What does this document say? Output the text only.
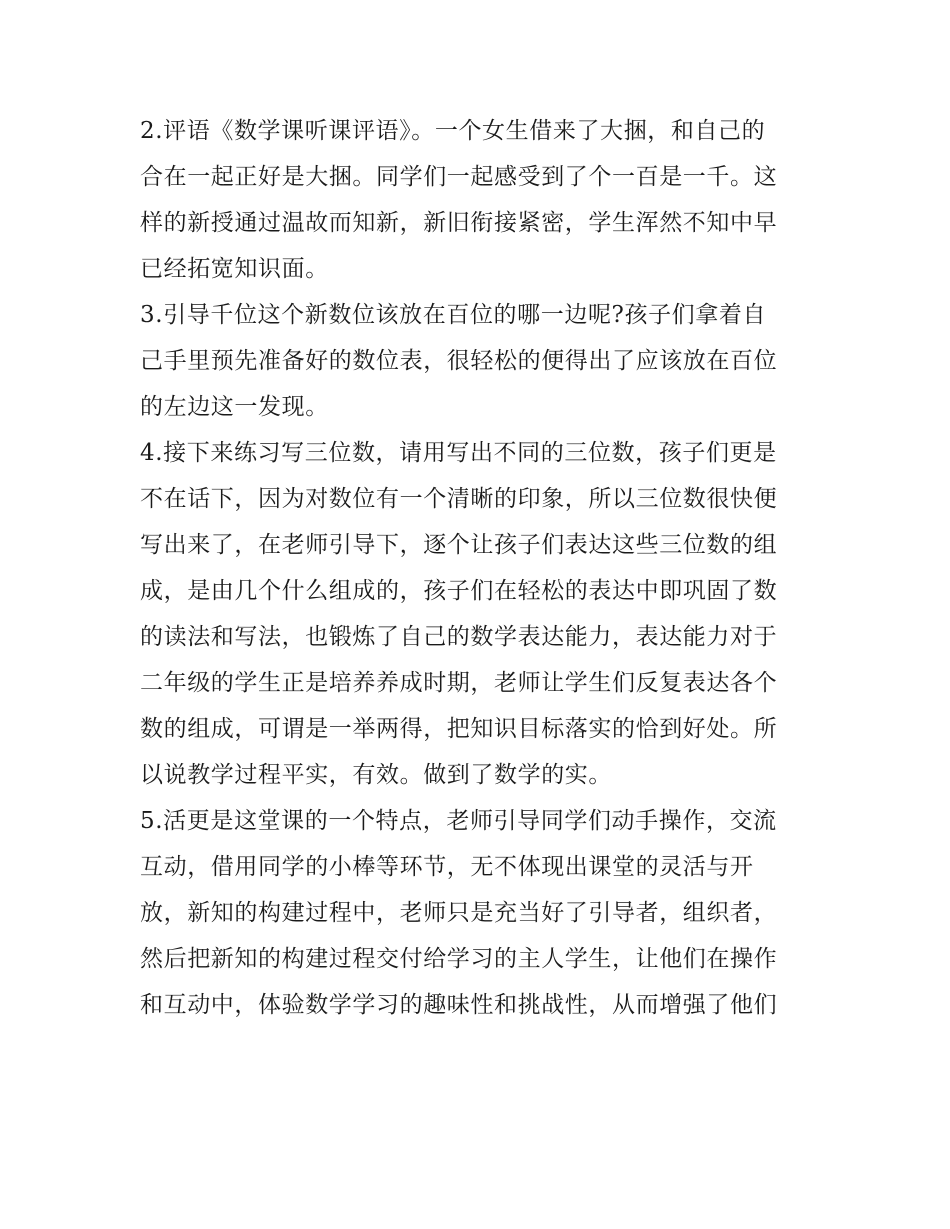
2.评语《数学课听课评语》。一个女生借来了大捆，和自己的
合在一起正好是大捆。同学们一起感受到了个一百是一千。这
样的新授通过温故而知新，新旧衔接紧密，学生浑然不知中早
已经拓宽知识面。
3.引导千位这个新数位该放在百位的哪一边呢?孩子们拿着自
己手里预先准备好的数位表，很轻松的便得出了应该放在百位
的左边这一发现。
4.接下来练习写三位数，请用写出不同的三位数，孩子们更是
不在话下，因为对数位有一个清晰的印象，所以三位数很快便
写出来了，在老师引导下，逐个让孩子们表达这些三位数的组
成，是由几个什么组成的，孩子们在轻松的表达中即巩固了数
的读法和写法，也锻炼了自己的数学表达能力，表达能力对于
二年级的学生正是培养养成时期，老师让学生们反复表达各个
数的组成，可谓是一举两得，把知识目标落实的恰到好处。所
以说教学过程平实，有效。做到了数学的实。
5.活更是这堂课的一个特点，老师引导同学们动手操作，交流
互动，借用同学的小棒等环节，无不体现出课堂的灵活与开
放，新知的构建过程中，老师只是充当好了引导者，组织者，
然后把新知的构建过程交付给学习的主人学生，让他们在操作
和互动中，体验数学学习的趣味性和挑战性，从而增强了他们
